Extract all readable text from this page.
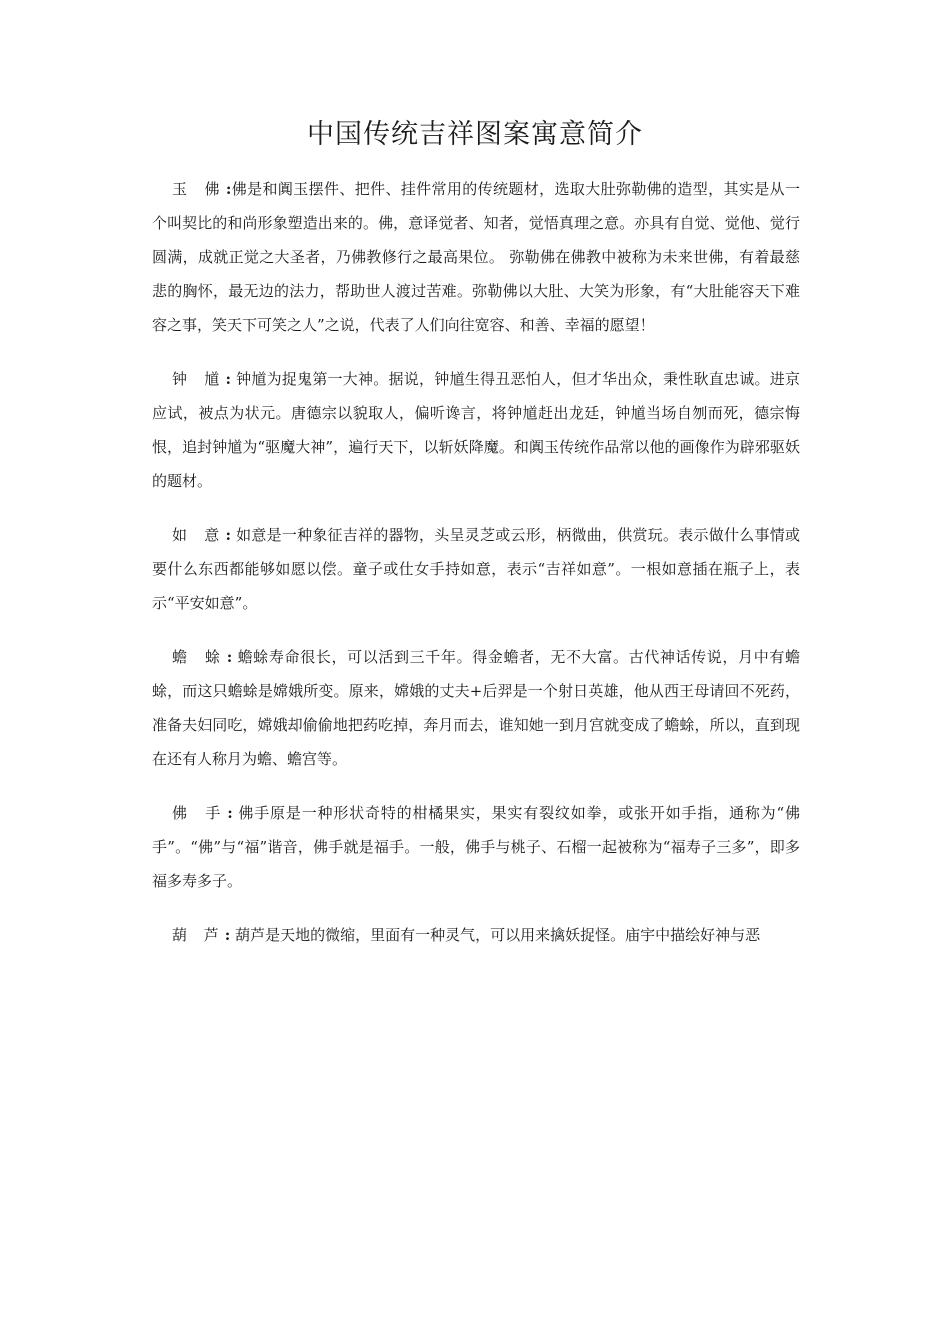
中国传统吉祥图案寓意简介

玉 佛:佛是和阗玉摆件、把件、挂件常用的传统题材，选取大肚弥勒佛的造型，其实是从一个叫契比的和尚形象塑造出来的。佛，意译觉者、知者，觉悟真理之意。亦具有自觉、觉他、觉行圆满，成就正觉之大圣者，乃佛教修行之最高果位。 弥勒佛在佛教中被称为未来世佛，有着最慈悲的胸怀，最无边的法力，帮助世人渡过苦难。弥勒佛以大肚、大笑为形象，有“大肚能容天下难容之事，笑天下可笑之人”之说，代表了人们向往宽容、和善、幸福的愿望！

钟 馗: 钟馗为捉鬼第一大神。据说，钟馗生得丑恶怕人，但才华出众，秉性耿直忠诚。进京应试，被点为状元。唐德宗以貌取人，偏听谗言，将钟馗赶出龙廷，钟馗当场自刎而死，德宗悔恨，追封钟馗为“驱魔大神”，遍行天下，以斩妖降魔。和阗玉传统作品常以他的画像作为辟邪驱妖的题材。

如 意: 如意是一种象征吉祥的器物，头呈灵芝或云形，柄微曲，供赏玩。表示做什么事情或要什么东西都能够如愿以偿。童子或仕女手持如意，表示“吉祥如意”。一根如意插在瓶子上，表示“平安如意”。

蟾 蜍: 蟾蜍寿命很长，可以活到三千年。得金蟾者，无不大富。古代神话传说，月中有蟾蜍，而这只蟾蜍是嫦娥所变。原来，嫦娥的丈夫+后羿是一个射日英雄，他从西王母请回不死药，准备夫妇同吃，嫦娥却偷偷地把药吃掉，奔月而去，谁知她一到月宫就变成了蟾蜍，所以，直到现在还有人称月为蟾、蟾宫等。

佛 手: 佛手原是一种形状奇特的柑橘果实，果实有裂纹如拳，或张开如手指，通称为“佛手”。“佛”与“福”谐音，佛手就是福手。一般，佛手与桃子、石榴一起被称为“福寿子三多”，即多福多寿多子。

葫 芦: 葫芦是天地的微缩，里面有一种灵气，可以用来擒妖捉怪。庙宇中描绘好神与恶
